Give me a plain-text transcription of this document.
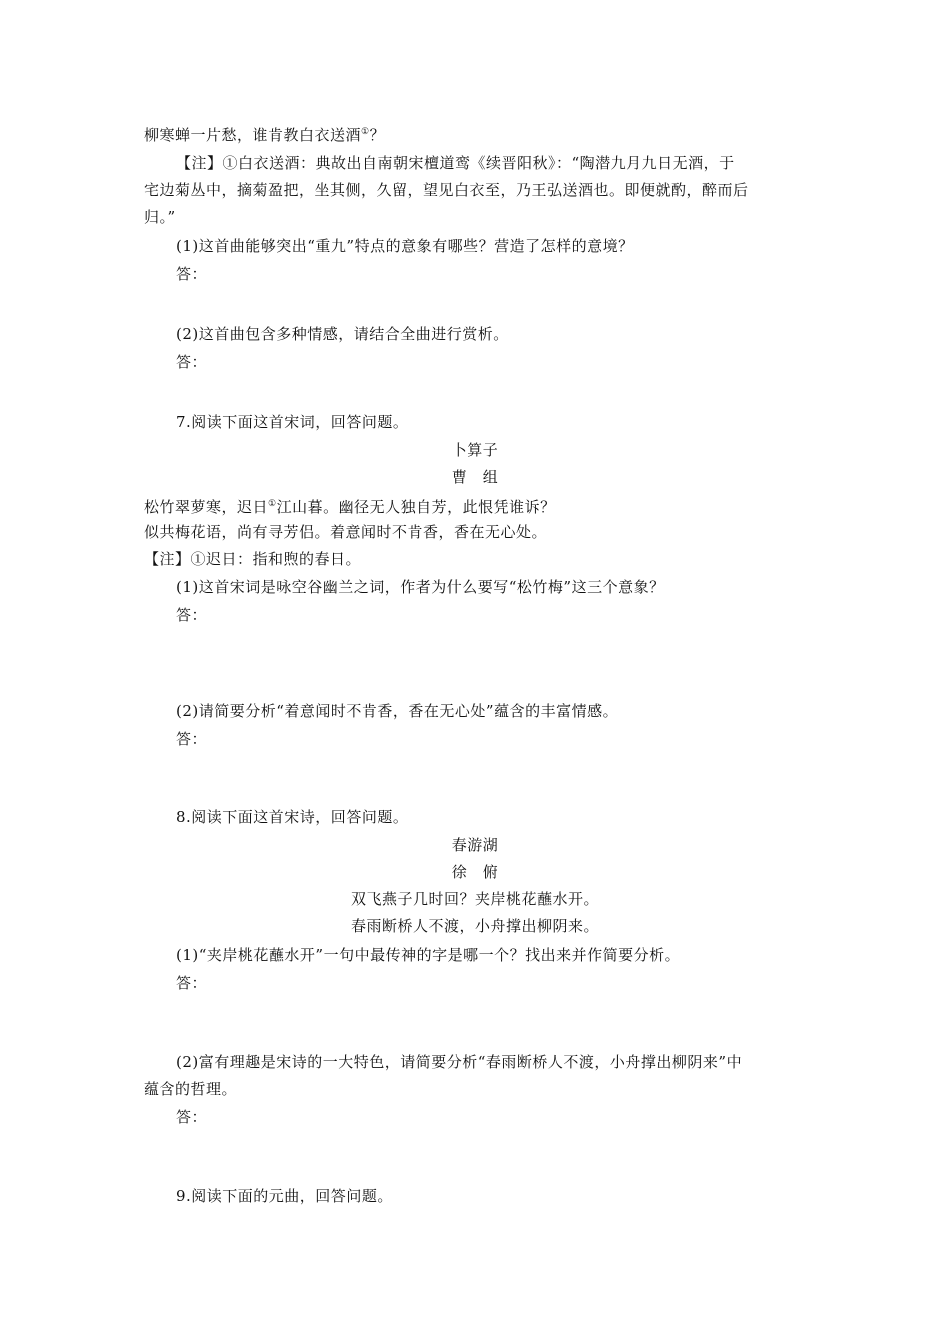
柳寒蝉一片愁，谁肯教白衣送酒①？
【注】①白衣送酒：典故出自南朝宋檀道鸾《续晋阳秋》：“陶潜九月九日无酒，于
宅边菊丛中，摘菊盈把，坐其侧，久留，望见白衣至，乃王弘送酒也。即便就酌，醉而后
归。”
(1)这首曲能够突出“重九”特点的意象有哪些？营造了怎样的意境？
答：
(2)这首曲包含多种情感，请结合全曲进行赏析。
答：
7.阅读下面这首宋词，回答问题。
卜算子
曹　组
松竹翠萝寒，迟日①江山暮。幽径无人独自芳，此恨凭谁诉？
似共梅花语，尚有寻芳侣。着意闻时不肯香，香在无心处。
【注】①迟日：指和煦的春日。
(1)这首宋词是咏空谷幽兰之词，作者为什么要写“松竹梅”这三个意象？
答：
(2)请简要分析“着意闻时不肯香，香在无心处”蕴含的丰富情感。
答：
8.阅读下面这首宋诗，回答问题。
春游湖
徐　俯
双飞燕子几时回？夹岸桃花蘸水开。
春雨断桥人不渡，小舟撑出柳阴来。
(1)“夹岸桃花蘸水开”一句中最传神的字是哪一个？找出来并作简要分析。
答：
(2)富有理趣是宋诗的一大特色，请简要分析“春雨断桥人不渡，小舟撑出柳阴来”中
蕴含的哲理。
答：
9.阅读下面的元曲，回答问题。
